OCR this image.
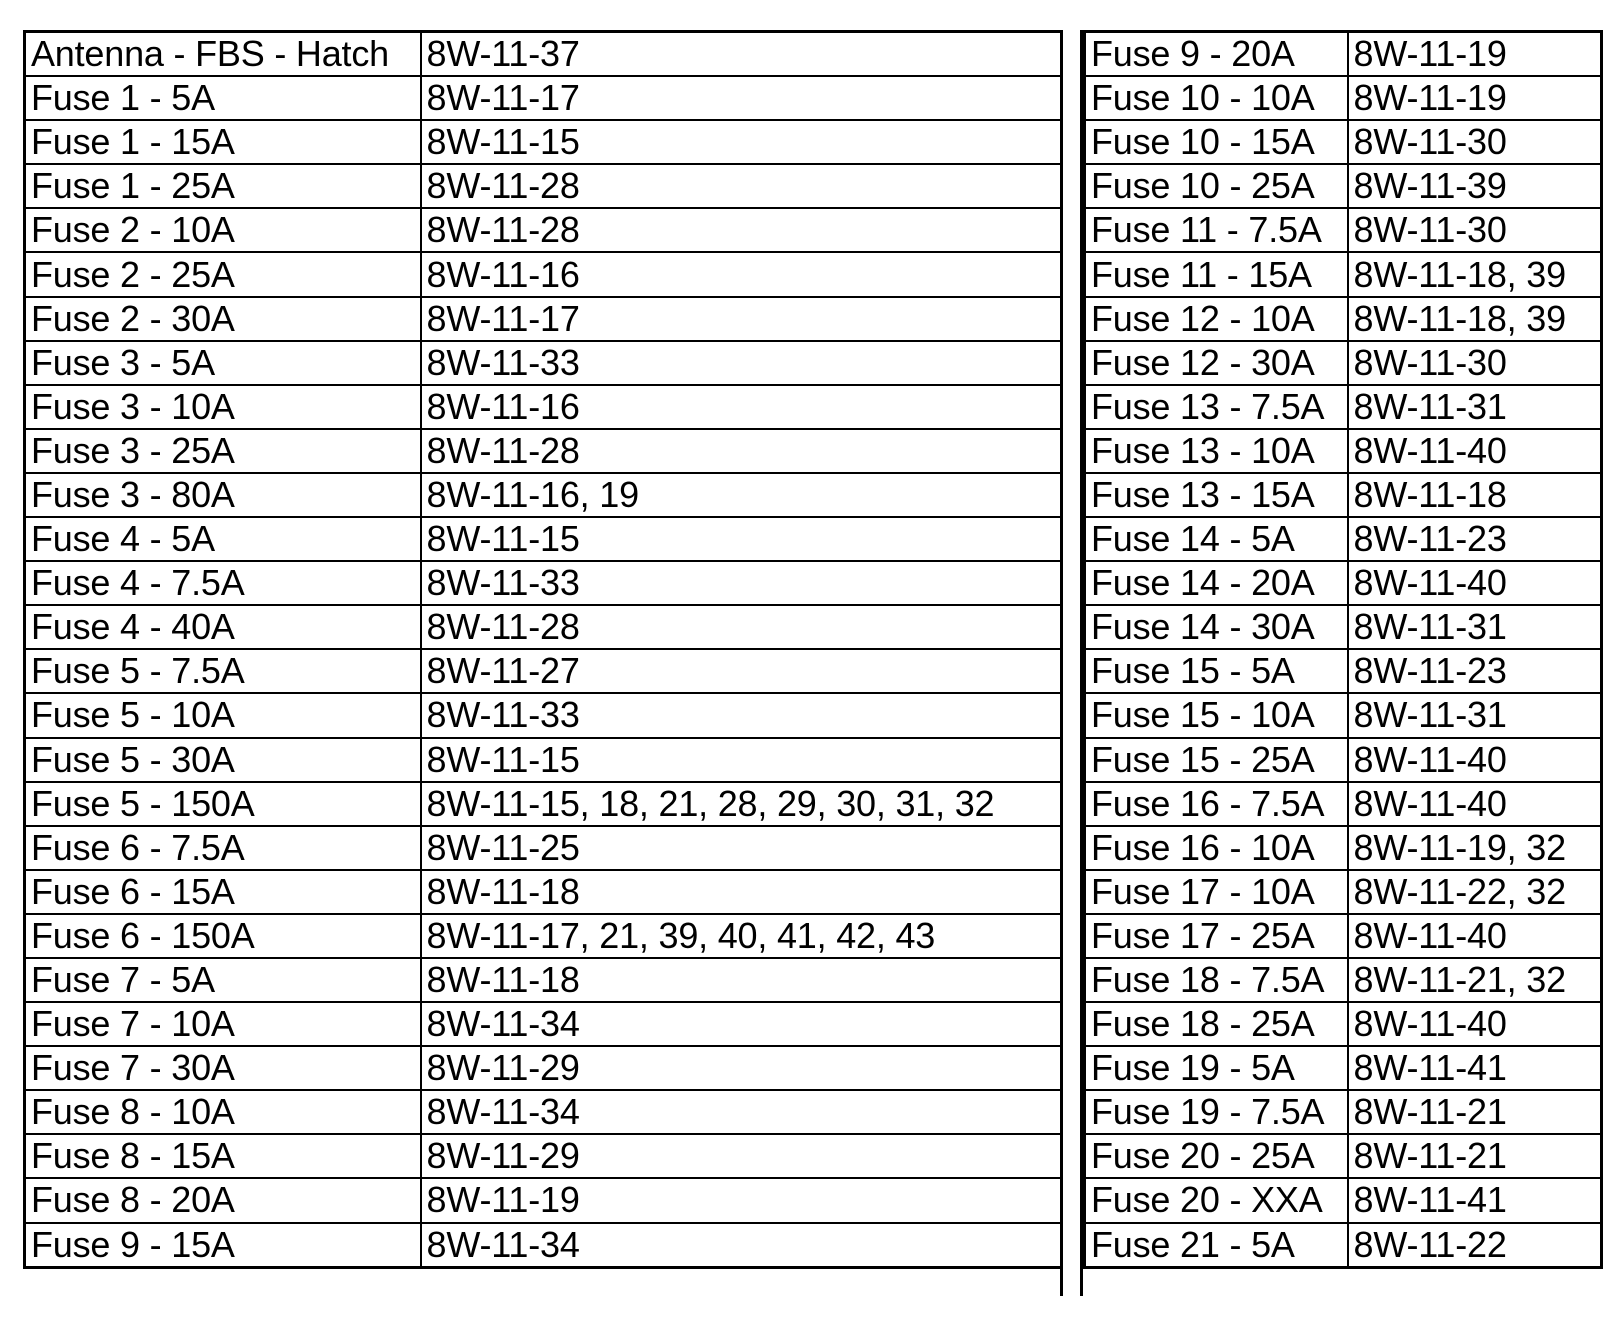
Antenna - FBS - Hatch	8W-11-37
Fuse 1 - 5A	8W-11-17
Fuse 1 - 15A	8W-11-15
Fuse 1 - 25A	8W-11-28
Fuse 2 - 10A	8W-11-28
Fuse 2 - 25A	8W-11-16
Fuse 2 - 30A	8W-11-17
Fuse 3 - 5A	8W-11-33
Fuse 3 - 10A	8W-11-16
Fuse 3 - 25A	8W-11-28
Fuse 3 - 80A	8W-11-16, 19
Fuse 4 - 5A	8W-11-15
Fuse 4 - 7.5A	8W-11-33
Fuse 4 - 40A	8W-11-28
Fuse 5 - 7.5A	8W-11-27
Fuse 5 - 10A	8W-11-33
Fuse 5 - 30A	8W-11-15
Fuse 5 - 150A	8W-11-15, 18, 21, 28, 29, 30, 31, 32
Fuse 6 - 7.5A	8W-11-25
Fuse 6 - 15A	8W-11-18
Fuse 6 - 150A	8W-11-17, 21, 39, 40, 41, 42, 43
Fuse 7 - 5A	8W-11-18
Fuse 7 - 10A	8W-11-34
Fuse 7 - 30A	8W-11-29
Fuse 8 - 10A	8W-11-34
Fuse 8 - 15A	8W-11-29
Fuse 8 - 20A	8W-11-19
Fuse 9 - 15A	8W-11-34
Fuse 9 - 20A	8W-11-19
Fuse 10 - 10A	8W-11-19
Fuse 10 - 15A	8W-11-30
Fuse 10 - 25A	8W-11-39
Fuse 11 - 7.5A	8W-11-30
Fuse 11 - 15A	8W-11-18, 39
Fuse 12 - 10A	8W-11-18, 39
Fuse 12 - 30A	8W-11-30
Fuse 13 - 7.5A	8W-11-31
Fuse 13 - 10A	8W-11-40
Fuse 13 - 15A	8W-11-18
Fuse 14 - 5A	8W-11-23
Fuse 14 - 20A	8W-11-40
Fuse 14 - 30A	8W-11-31
Fuse 15 - 5A	8W-11-23
Fuse 15 - 10A	8W-11-31
Fuse 15 - 25A	8W-11-40
Fuse 16 - 7.5A	8W-11-40
Fuse 16 - 10A	8W-11-19, 32
Fuse 17 - 10A	8W-11-22, 32
Fuse 17 - 25A	8W-11-40
Fuse 18 - 7.5A	8W-11-21, 32
Fuse 18 - 25A	8W-11-40
Fuse 19 - 5A	8W-11-41
Fuse 19 - 7.5A	8W-11-21
Fuse 20 - 25A	8W-11-21
Fuse 20 - XXA	8W-11-41
Fuse 21 - 5A	8W-11-22
